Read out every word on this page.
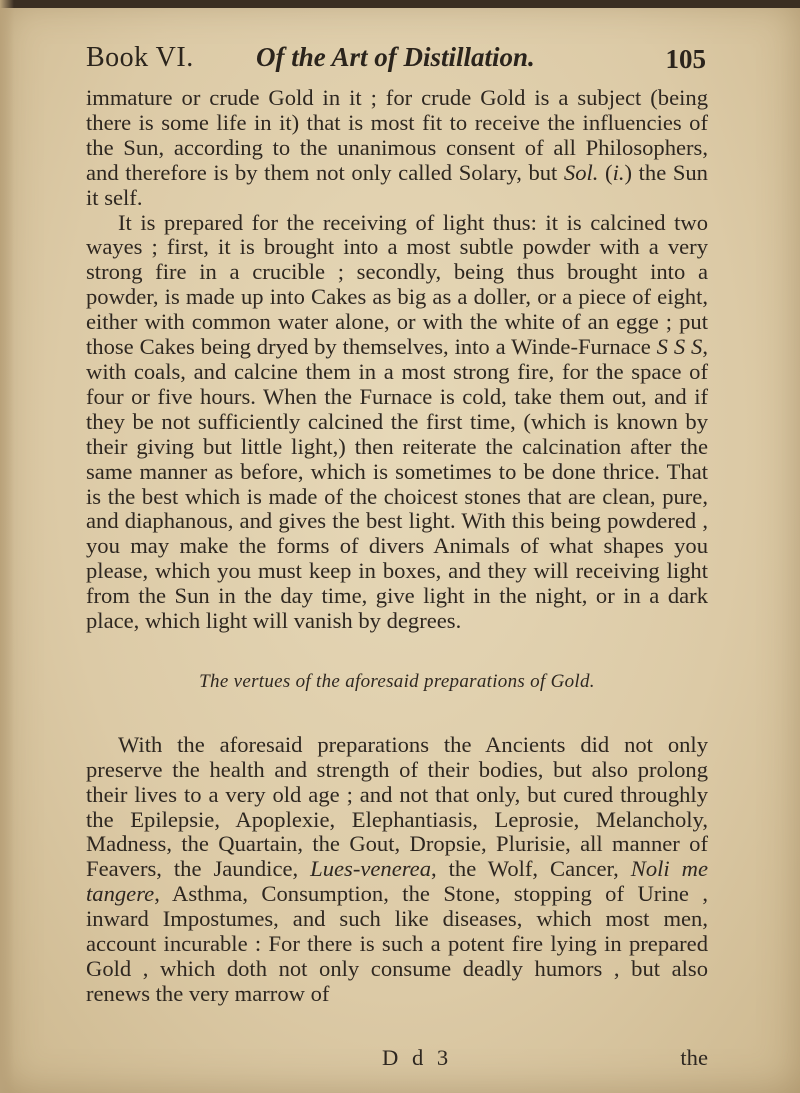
Book VI. Of the Art of Distillation.	105

immature or crude Gold in it ; for crude Gold is a subject (being there is some life in it) that is most fit to receive the influencies of the Sun, according to the unanimous consent of all Philosophers, and therefore is by them not only called Solary, but Sol. (i.) the Sun it self.

It is prepared for the receiving of light thus: it is calcined two wayes ; first, it is brought into a most subtle powder with a very strong fire in a crucible ; secondly, being thus brought into a powder, is made up into Cakes as big as a doller, or a piece of eight, either with common water alone, or with the white of an egge ; put those Cakes being dryed by themselves, into a Winde-Furnace S S S, with coals, and calcine them in a most strong fire, for the space of four or five hours. When the Furnace is cold, take them out, and if they be not sufficiently calcined the first time, (which is known by their giving but little light,) then reiterate the calcination after the same manner as before, which is sometimes to be done thrice. That is the best which is made of the choicest stones that are clean, pure, and diaphanous, and gives the best light. With this being powdered , you may make the forms of divers Animals of what shapes you please, which you must keep in boxes, and they will receiving light from the Sun in the day time, give light in the night, or in a dark place, which light will vanish by degrees.

The vertues of the aforesaid preparations of Gold.

With the aforesaid preparations the Ancients did not only preserve the health and strength of their bodies, but also prolong their lives to a very old age ; and not that only, but cured throughly the Epilepsie, Apoplexie, Elephantiasis, Leprosie, Melancholy, Madness, the Quartain, the Gout, Dropsie, Plurisie, all manner of Feavers, the Jaundice, Lues-venerea, the Wolf, Cancer, Noli me tangere, Asthma, Consumption, the Stone, stopping of Urine , inward Impostumes, and such like diseases, which most men, account incurable : For there is such a potent fire lying in prepared Gold , which doth not only consume deadly humors , but also renews the very marrow of

D d 3	the
